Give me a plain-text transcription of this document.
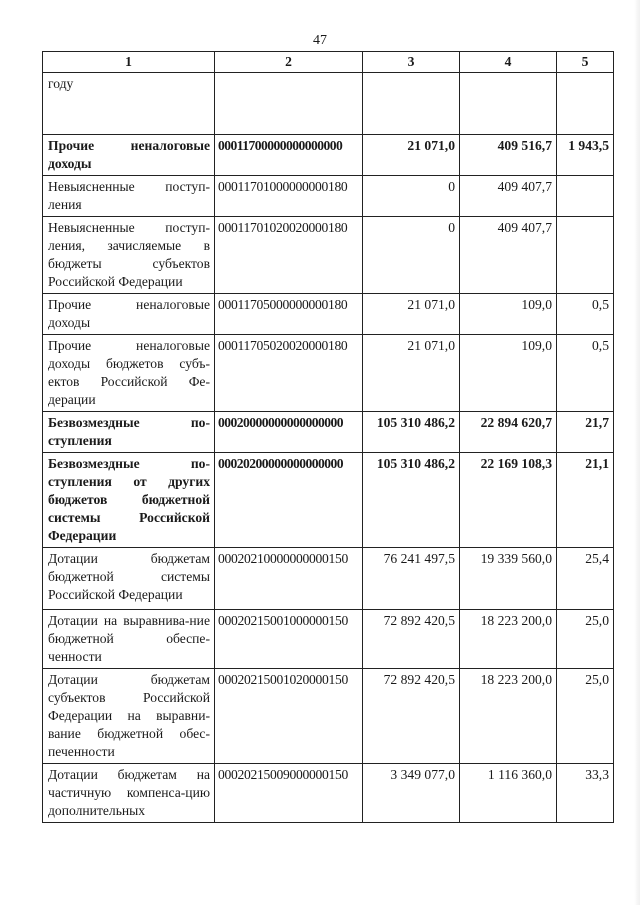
47
1	2	3	4	5
году				
Прочие неналоговые доходы	00011700000000000000	21 071,0	409 516,7	1 943,5
Невыясненные поступ-ления	00011701000000000180	0	409 407,7	
Невыясненные поступ-ления, зачисляемые в бюджеты субъектов Российской Федерации	00011701020020000180	0	409 407,7	
Прочие неналоговые доходы	00011705000000000180	21 071,0	109,0	0,5
Прочие неналоговые доходы бюджетов субъ-ектов Российской Фе-дерации	00011705020020000180	21 071,0	109,0	0,5
Безвозмездные по-ступления	00020000000000000000	105 310 486,2	22 894 620,7	21,7
Безвозмездные по-ступления от других бюджетов бюджетной системы Российской Федерации	00020200000000000000	105 310 486,2	22 169 108,3	21,1
Дотации бюджетам бюджетной системы Российской Федерации	00020210000000000150	76 241 497,5	19 339 560,0	25,4
Дотации на выравнива-ние бюджетной обеспе-ченности	00020215001000000150	72 892 420,5	18 223 200,0	25,0
Дотации бюджетам субъектов Российской Федерации на выравни-вание бюджетной обес-печенности	00020215001020000150	72 892 420,5	18 223 200,0	25,0
Дотации бюджетам на частичную компенса-цию дополнительных	00020215009000000150	3 349 077,0	1 116 360,0	33,3
